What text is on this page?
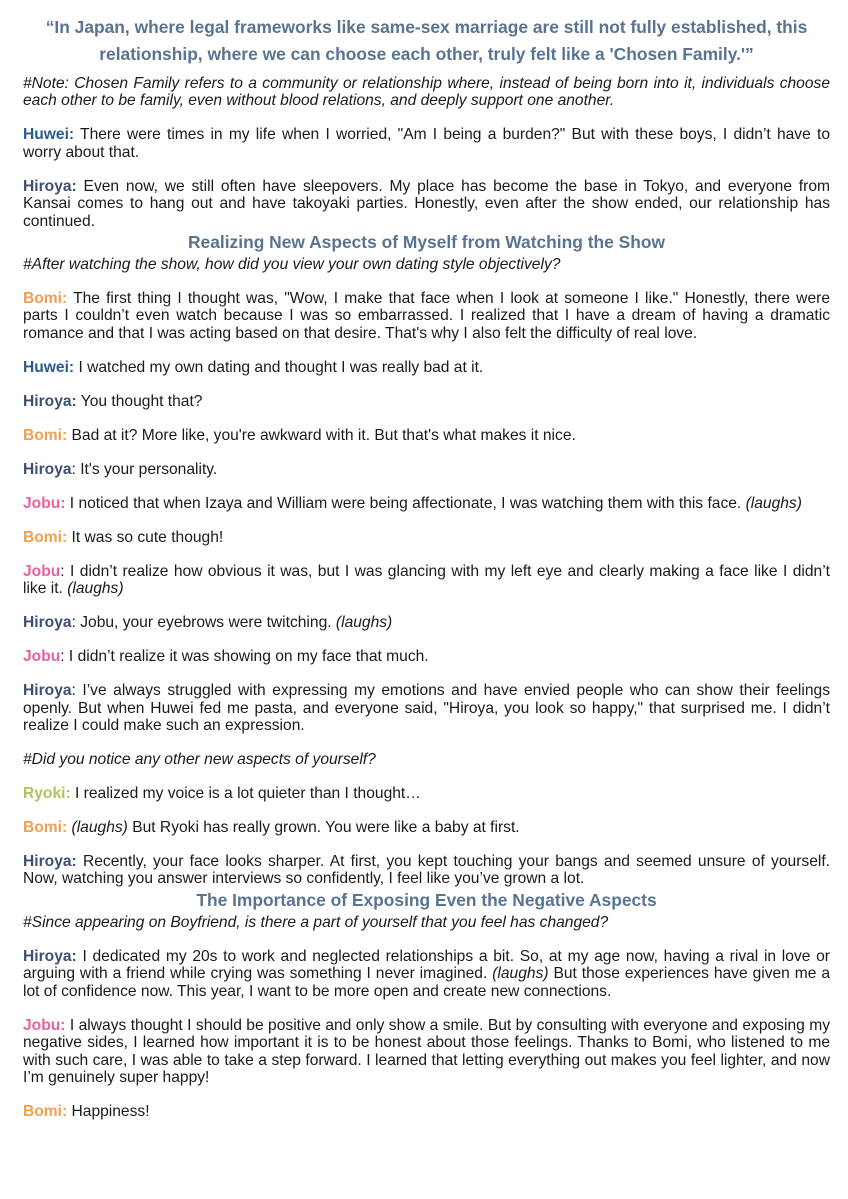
“In Japan, where legal frameworks like same-sex marriage are still not fully established, this relationship, where we can choose each other, truly felt like a 'Chosen Family.'”

#Note: Chosen Family refers to a community or relationship where, instead of being born into it, individuals choose each other to be family, even without blood relations, and deeply support one another.

Huwei: There were times in my life when I worried, "Am I being a burden?" But with these boys, I didn’t have to worry about that.

Hiroya: Even now, we still often have sleepovers. My place has become the base in Tokyo, and everyone from Kansai comes to hang out and have takoyaki parties. Honestly, even after the show ended, our relationship has continued.

Realizing New Aspects of Myself from Watching the Show

#After watching the show, how did you view your own dating style objectively?

Bomi: The first thing I thought was, "Wow, I make that face when I look at someone I like." Honestly, there were parts I couldn’t even watch because I was so embarrassed. I realized that I have a dream of having a dramatic romance and that I was acting based on that desire. That's why I also felt the difficulty of real love.

Huwei: I watched my own dating and thought I was really bad at it.

Hiroya: You thought that?

Bomi: Bad at it? More like, you're awkward with it. But that's what makes it nice.

Hiroya: It's your personality.

Jobu: I noticed that when Izaya and William were being affectionate, I was watching them with this face. (laughs)

Bomi: It was so cute though!

Jobu: I didn’t realize how obvious it was, but I was glancing with my left eye and clearly making a face like I didn’t like it. (laughs)

Hiroya: Jobu, your eyebrows were twitching. (laughs)

Jobu: I didn’t realize it was showing on my face that much.

Hiroya: I’ve always struggled with expressing my emotions and have envied people who can show their feelings openly. But when Huwei fed me pasta, and everyone said, "Hiroya, you look so happy," that surprised me. I didn’t realize I could make such an expression.

#Did you notice any other new aspects of yourself?

Ryoki: I realized my voice is a lot quieter than I thought…

Bomi: (laughs) But Ryoki has really grown. You were like a baby at first.

Hiroya: Recently, your face looks sharper. At first, you kept touching your bangs and seemed unsure of yourself. Now, watching you answer interviews so confidently, I feel like you’ve grown a lot.

The Importance of Exposing Even the Negative Aspects

#Since appearing on Boyfriend, is there a part of yourself that you feel has changed?

Hiroya: I dedicated my 20s to work and neglected relationships a bit. So, at my age now, having a rival in love or arguing with a friend while crying was something I never imagined. (laughs) But those experiences have given me a lot of confidence now. This year, I want to be more open and create new connections.

Jobu: I always thought I should be positive and only show a smile. But by consulting with everyone and exposing my negative sides, I learned how important it is to be honest about those feelings. Thanks to Bomi, who listened to me with such care, I was able to take a step forward. I learned that letting everything out makes you feel lighter, and now I’m genuinely super happy!

Bomi: Happiness!
